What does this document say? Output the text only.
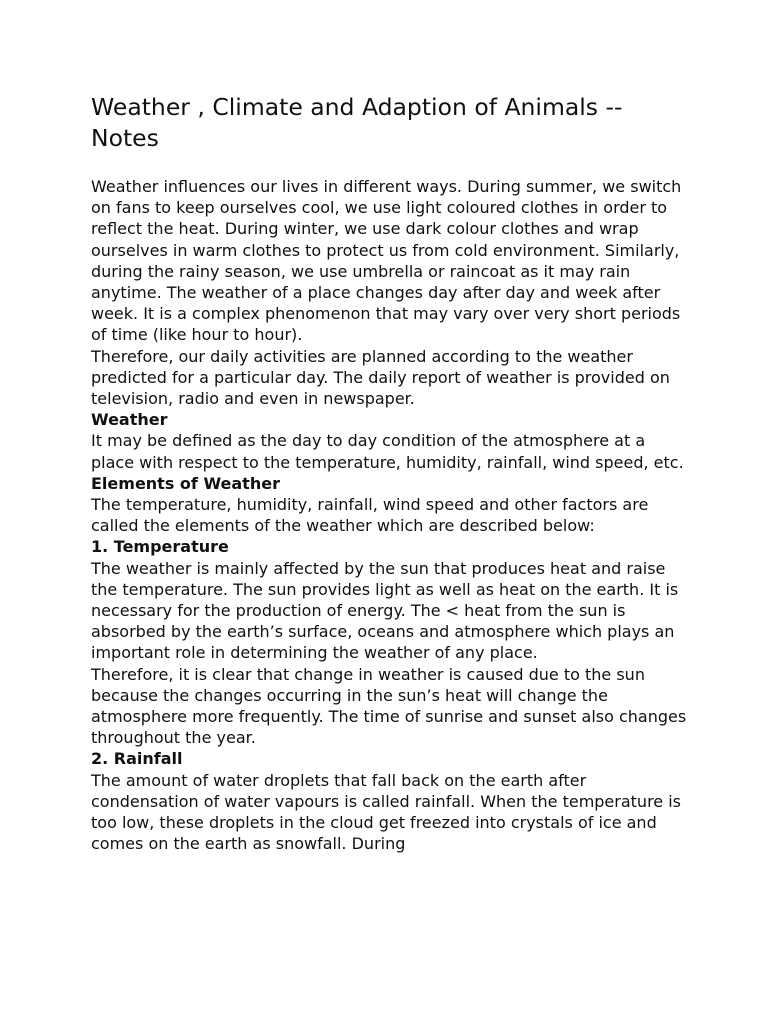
Weather , Climate and Adaption of Animals -- Notes

Weather influences our lives in different ways. During summer, we switch on fans to keep ourselves cool, we use light coloured clothes in order to reflect the heat. During winter, we use dark colour clothes and wrap ourselves in warm clothes to protect us from cold environment. Similarly, during the rainy season, we use umbrella or raincoat as it may rain anytime. The weather of a place changes day after day and week after week. It is a complex phenomenon that may vary over very short periods of time (like hour to hour).

Therefore, our daily activities are planned according to the weather predicted for a particular day. The daily report of weather is provided on television, radio and even in newspaper.

Weather

It may be defined as the day to day condition of the atmosphere at a place with respect to the temperature, humidity, rainfall, wind speed, etc.

Elements of Weather

The temperature, humidity, rainfall, wind speed and other factors are called the elements of the weather which are described below:

1. Temperature

The weather is mainly affected by the sun that produces heat and raise the temperature. The sun provides light as well as heat on the earth. It is necessary for the production of energy. The < heat from the sun is absorbed by the earth’s surface, oceans and atmosphere which plays an important role in determining the weather of any place.

Therefore, it is clear that change in weather is caused due to the sun because the changes occurring in the sun’s heat will change the atmosphere more frequently. The time of sunrise and sunset also changes throughout the year.

2. Rainfall

The amount of water droplets that fall back on the earth after condensation of water vapours is called rainfall. When the temperature is too low, these droplets in the cloud get freezed into crystals of ice and comes on the earth as snowfall. During
